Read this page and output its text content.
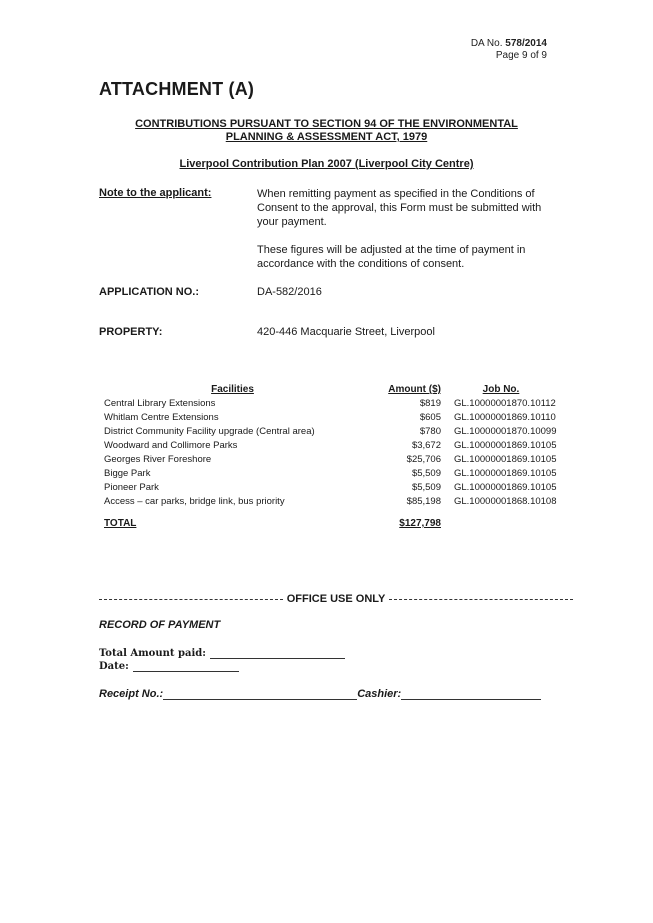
DA No. 578/2014
Page 9 of 9
ATTACHMENT (A)
CONTRIBUTIONS PURSUANT TO SECTION 94 OF THE ENVIRONMENTAL
PLANNING & ASSESSMENT ACT, 1979
Liverpool Contribution Plan 2007 (Liverpool City Centre)
Note to the applicant:	When remitting payment as specified in the Conditions of Consent to the approval, this Form must be submitted with your payment.
These figures will be adjusted at the time of payment in accordance with the conditions of consent.
APPLICATION NO.:	DA-582/2016
PROPERTY:	420-446 Macquarie Street, Liverpool
Facilities	Amount ($)	Job No.
Central Library Extensions	$819	GL.10000001870.10112
Whitlam Centre Extensions	$605	GL.10000001869.10110
District Community Facility upgrade (Central area)	$780	GL.10000001870.10099
Woodward and Collimore Parks	$3,672	GL.10000001869.10105
Georges River Foreshore	$25,706	GL.10000001869.10105
Bigge Park	$5,509	GL.10000001869.10105
Pioneer Park	$5,509	GL.10000001869.10105
Access – car parks, bridge link, bus priority	$85,198	GL.10000001868.10108
TOTAL	$127,798
OFFICE USE ONLY
RECORD OF PAYMENT
Total Amount paid:
Date:
Receipt No.:	Cashier:
